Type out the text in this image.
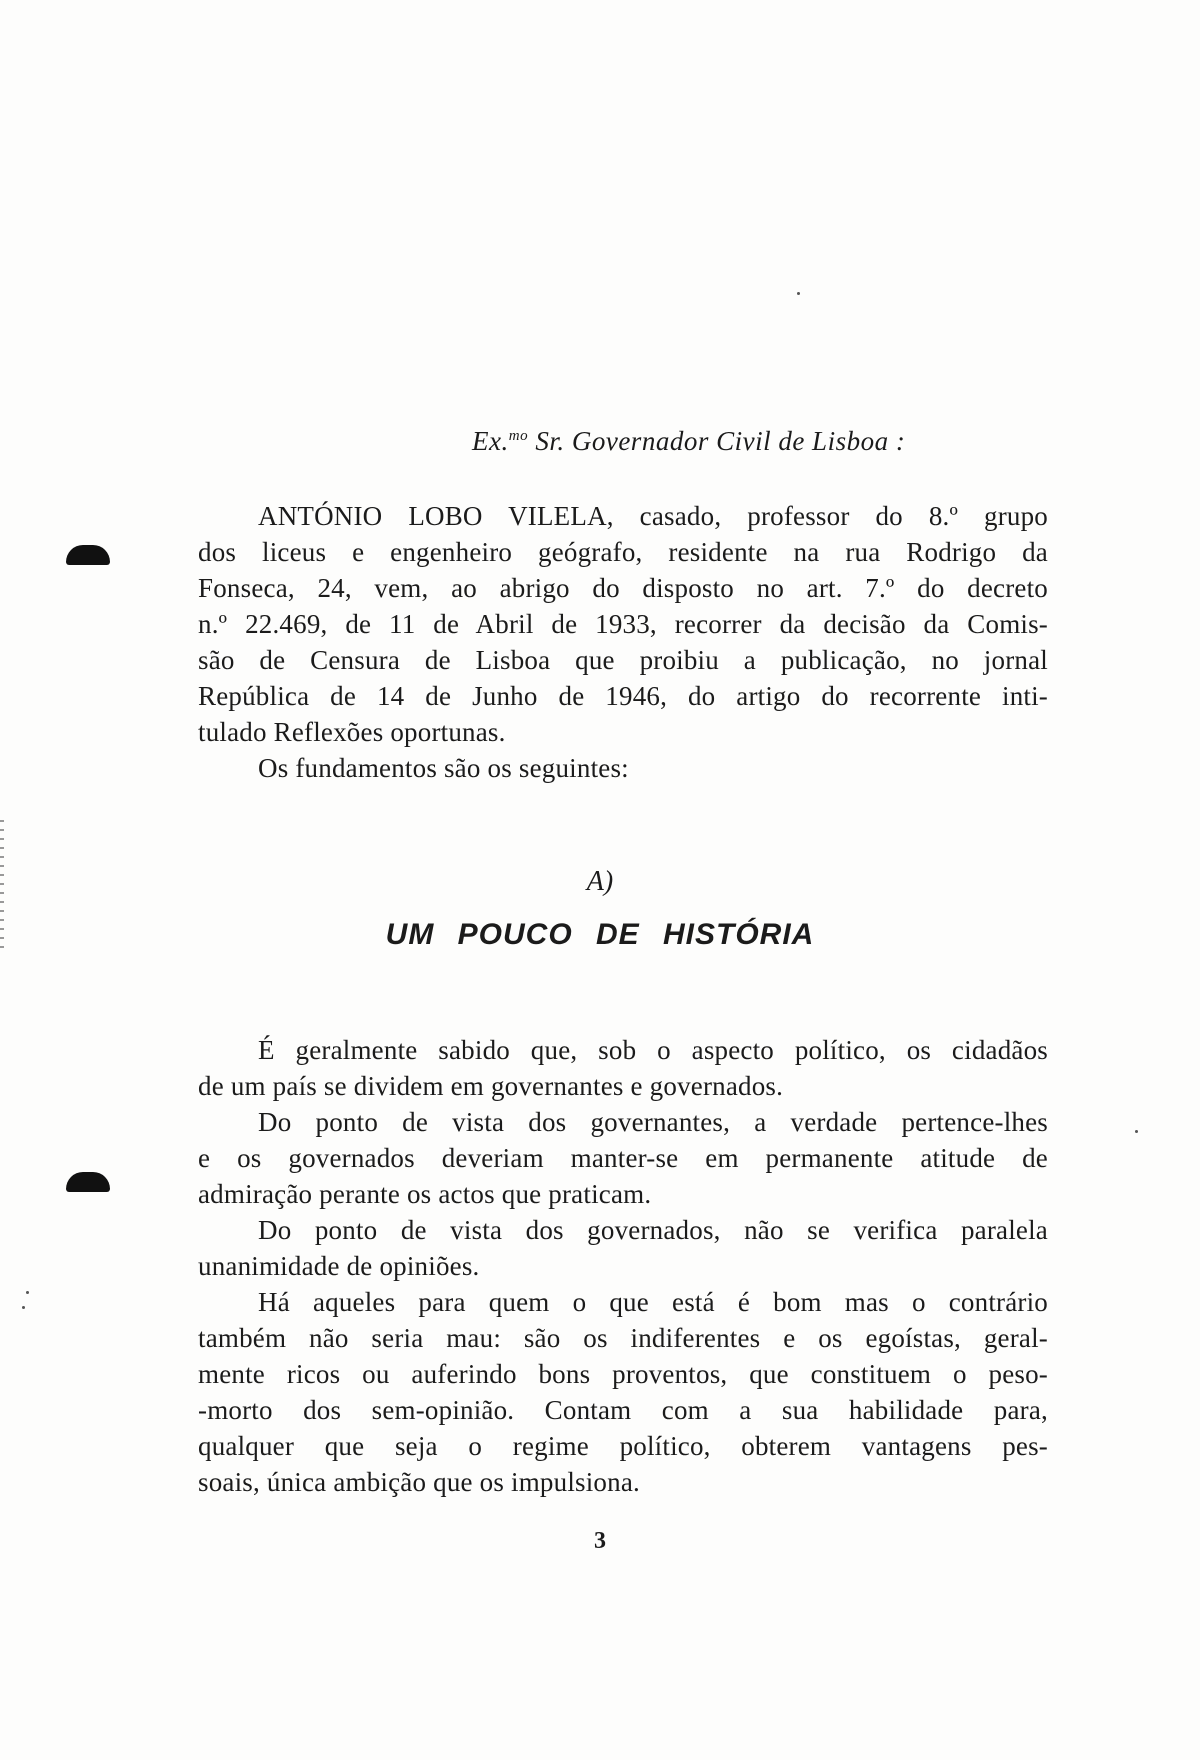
Ex.$^{mo}$ Sr. Governador Civil de Lisboa :
ANTÓNIO LOBO VILELA, casado, professor do 8.º grupo
dos liceus e engenheiro geógrafo, residente na rua Rodrigo da
Fonseca, 24, vem, ao abrigo do disposto no art. 7.º do decreto
n.º 22.469, de 11 de Abril de 1933, recorrer da decisão da Comis-
são de Censura de Lisboa que proibiu a publicação, no jornal
República de 14 de Junho de 1946, do artigo do recorrente inti-
tulado Reflexões oportunas.
Os fundamentos são os seguintes:
A)
UM POUCO DE HISTÓRIA
É geralmente sabido que, sob o aspecto político, os cidadãos
de um país se dividem em governantes e governados.
Do ponto de vista dos governantes, a verdade pertence-lhes
e os governados deveriam manter-se em permanente atitude de
admiração perante os actos que praticam.
Do ponto de vista dos governados, não se verifica paralela
unanimidade de opiniões.
Há aqueles para quem o que está é bom mas o contrário
também não seria mau: são os indiferentes e os egoístas, geral-
mente ricos ou auferindo bons proventos, que constituem o peso-
-morto dos sem-opinião. Contam com a sua habilidade para,
qualquer que seja o regime político, obterem vantagens pes-
soais, única ambição que os impulsiona.
3
